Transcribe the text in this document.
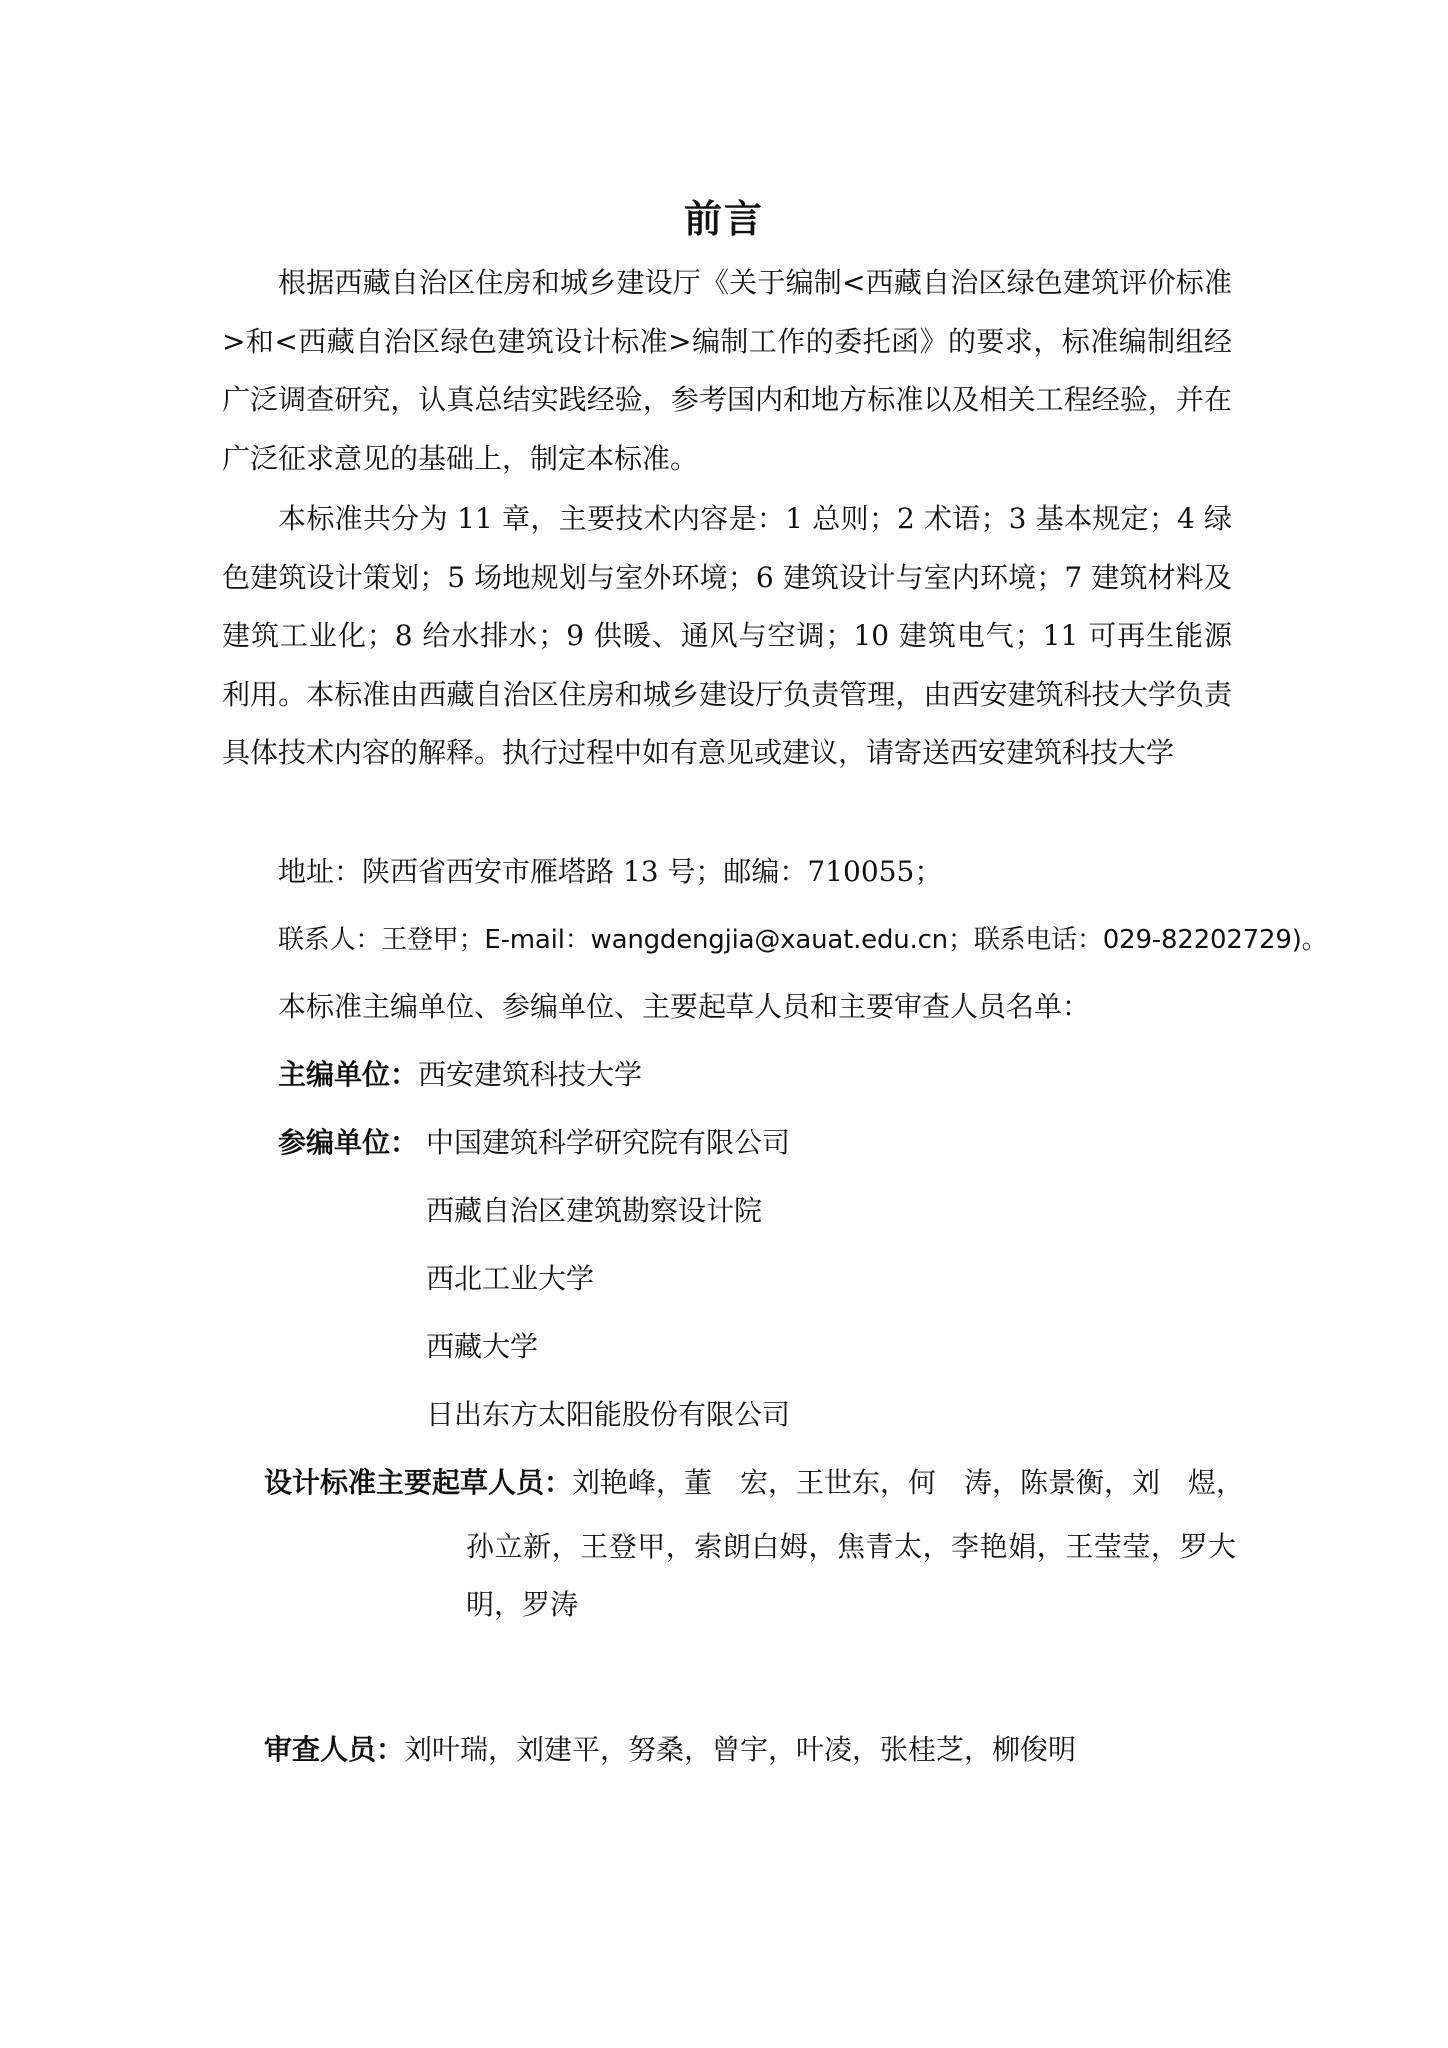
前言

根据西藏自治区住房和城乡建设厅《关于编制<西藏自治区绿色建筑评价标准>和<西藏自治区绿色建筑设计标准>编制工作的委托函》的要求，标准编制组经广泛调查研究，认真总结实践经验，参考国内和地方标准以及相关工程经验，并在广泛征求意见的基础上，制定本标准。

本标准共分为 11 章，主要技术内容是：1 总则；2 术语；3 基本规定；4 绿色建筑设计策划；5 场地规划与室外环境；6 建筑设计与室内环境；7 建筑材料及建筑工业化；8 给水排水；9 供暖、通风与空调；10 建筑电气；11 可再生能源利用。本标准由西藏自治区住房和城乡建设厅负责管理，由西安建筑科技大学负责具体技术内容的解释。执行过程中如有意见或建议，请寄送西安建筑科技大学

地址：陕西省西安市雁塔路 13 号；邮编：710055；
联系人：王登甲；E-mail：wangdengjia@xauat.edu.cn；联系电话：029-82202729)。
本标准主编单位、参编单位、主要起草人员和主要审查人员名单：
主编单位：西安建筑科技大学
参编单位： 中国建筑科学研究院有限公司
西藏自治区建筑勘察设计院
西北工业大学
西藏大学
日出东方太阳能股份有限公司
设计标准主要起草人员：刘艳峰，董　宏，王世东，何　涛，陈景衡，刘　煜，

孙立新，王登甲，索朗白姆，焦青太，李艳娟，王莹莹，罗大明，罗涛

审查人员：刘叶瑞，刘建平，努桑，曾宇，叶凌，张桂芝，柳俊明
